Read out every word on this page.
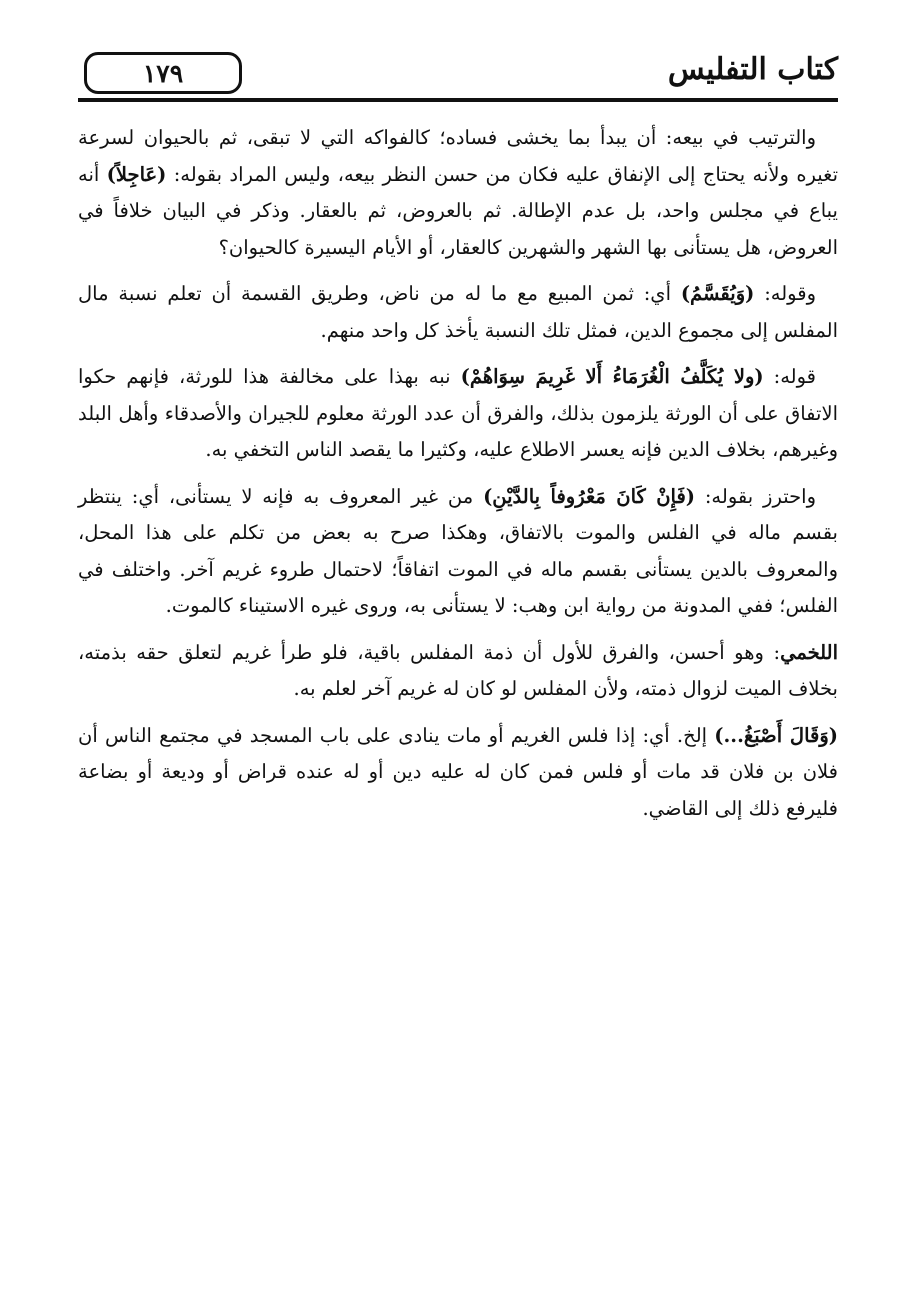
١٧٩	كتاب التفليس

والترتيب في بيعه: أن يبدأ بما يخشى فساده؛ كالفواكه التي لا تبقى، ثم بالحيوان لسرعة تغيره ولأنه يحتاج إلى الإنفاق عليه فكان من حسن النظر بيعه، وليس المراد بقوله: (عَاجِلاً) أنه يباع في مجلس واحد، بل عدم الإطالة. ثم بالعروض، ثم بالعقار. وذكر في البيان خلافاً في العروض، هل يستأنى بها الشهر والشهرين كالعقار، أو الأيام اليسيرة كالحيوان؟

وقوله: (وَيُقَسَّمُ) أي: ثمن المبيع مع ما له من ناض، وطريق القسمة أن تعلم نسبة مال المفلس إلى مجموع الدين، فمثل تلك النسبة يأخذ كل واحد منهم.

قوله: (ولا يُكَلَّفُ الْغُرَمَاءُ أَلا غَرِيمَ سِوَاهُمْ) نبه بهذا على مخالفة هذا للورثة، فإنهم حكوا الاتفاق على أن الورثة يلزمون بذلك، والفرق أن عدد الورثة معلوم للجيران والأصدقاء وأهل البلد وغيرهم، بخلاف الدين فإنه يعسر الاطلاع عليه، وكثيرا ما يقصد الناس التخفي به.

واحترز بقوله: (فَإِنْ كَانَ مَعْرُوفاً بِالدَّيْنِ) من غير المعروف به فإنه لا يستأنى، أي: ينتظر بقسم ماله في الفلس والموت بالاتفاق، وهكذا صرح به بعض من تكلم على هذا المحل، والمعروف بالدين يستأنى بقسم ماله في الموت اتفاقاً؛ لاحتمال طروء غريم آخر. واختلف في الفلس؛ ففي المدونة من رواية ابن وهب: لا يستأنى به، وروى غيره الاستيناء كالموت.

اللخمي: وهو أحسن، والفرق للأول أن ذمة المفلس باقية، فلو طرأ غريم لتعلق حقه بذمته، بخلاف الميت لزوال ذمته، ولأن المفلس لو كان له غريم آخر لعلم به.

(وَقَالَ أَصْبَغُ...) إلخ. أي: إذا فلس الغريم أو مات ينادى على باب المسجد في مجتمع الناس أن فلان بن فلان قد مات أو فلس فمن كان له عليه دين أو له عنده قراض أو وديعة أو بضاعة فليرفع ذلك إلى القاضي.
